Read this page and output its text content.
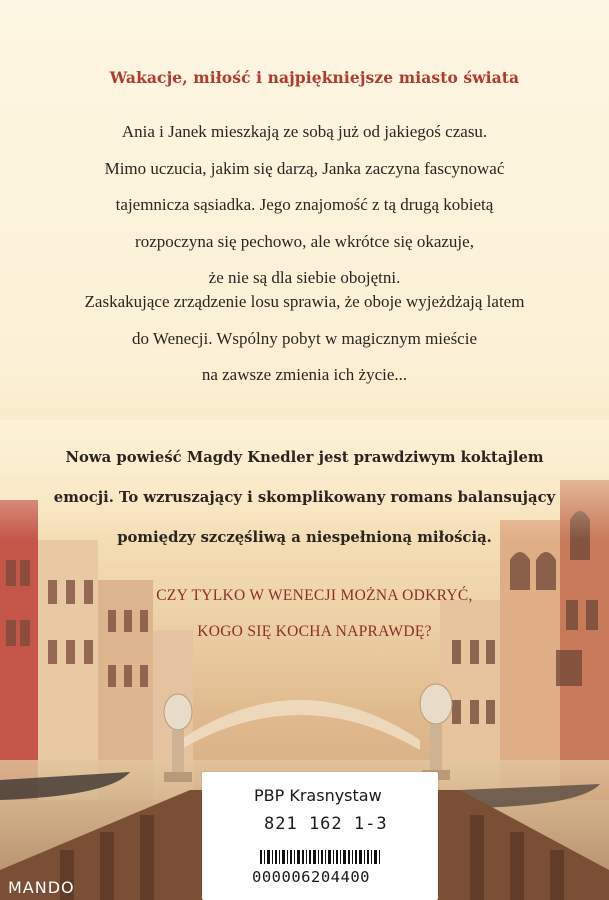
Wakacje, miłość i najpiękniejsze miasto świata
Ania i Janek mieszkają ze sobą już od jakiegoś czasu.
Mimo uczucia, jakim się darzą, Janka zaczyna fascynować
tajemnicza sąsiadka. Jego znajomość z tą drugą kobietą
rozpoczyna się pechowo, ale wkrótce się okazuje,
że nie są dla siebie obojętni.
Zaskakujące zrządzenie losu sprawia, że oboje wyjeżdżają latem
do Wenecji. Wspólny pobyt w magicznym mieście
na zawsze zmienia ich życie...
Nowa powieść Magdy Knedler jest prawdziwym koktajlem
emocji. To wzruszający i skomplikowany romans balansujący
pomiędzy szczęśliwą a niespełnioną miłością.
CZY TYLKO W WENECJI MOŻNA ODKRYĆ,
KOGO SIĘ KOCHA NAPRAWDĘ?
PBP Krasnystaw
821 162 1-3
000006204400
MANDO
